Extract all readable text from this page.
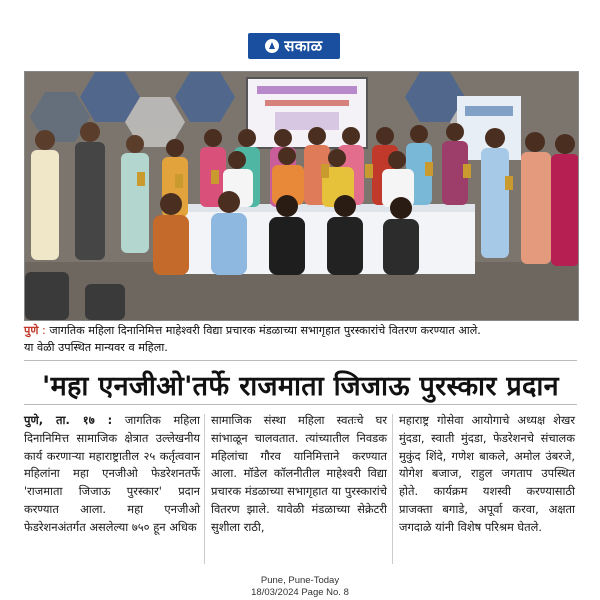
सकाळ
पुणे : जागतिक महिला दिनानिमित्त माहेश्वरी विद्या प्रचारक मंडळाच्या सभागृहात पुरस्कारांचे वितरण करण्यात आले.
या वेळी उपस्थित मान्यवर व महिला.
'महा एनजीओ'तर्फे राजमाता जिजाऊ पुरस्कार प्रदान

पुणे, ता. १७ : जागतिक महिला दिनानिमित्त सामाजिक क्षेत्रात उल्लेखनीय कार्य करणाऱ्या महाराष्ट्रातील २५ कर्तृत्ववान महिलांना महा एनजीओ फेडरेशनतर्फे 'राजमाता जिजाऊ पुरस्कार' प्रदान करण्यात आला. महा एनजीओ फेडरेशनअंतर्गत असलेल्या ७५० हून अधिक

सामाजिक संस्था महिला स्वतःचे घर सांभाळून चालवतात. त्यांच्यातील निवडक महिलांचा गौरव यानिमित्ताने करण्यात आला. मॉडेल कॉलनीतील माहेश्वरी विद्या प्रचारक मंडळाच्या सभागृहात या पुरस्कारांचे वितरण झाले. यावेळी मंडळाच्या सेक्रेटरी सुशीला राठी,

महाराष्ट्र गोसेवा आयोगाचे अध्यक्ष शेखर मुंदडा, स्वाती मुंदडा, फेडरेशनचे संचालक मुकुंद शिंदे, गणेश बाकले, अमोल उंबरजे, योगेश बजाज, राहुल जगताप उपस्थित होते. कार्यक्रम यशस्वी करण्यासाठी प्राजक्ता बगाडे, अपूर्वा करवा, अक्षता जगदाळे यांनी विशेष परिश्रम घेतले.

Pune, Pune-Today
18/03/2024 Page No. 8
